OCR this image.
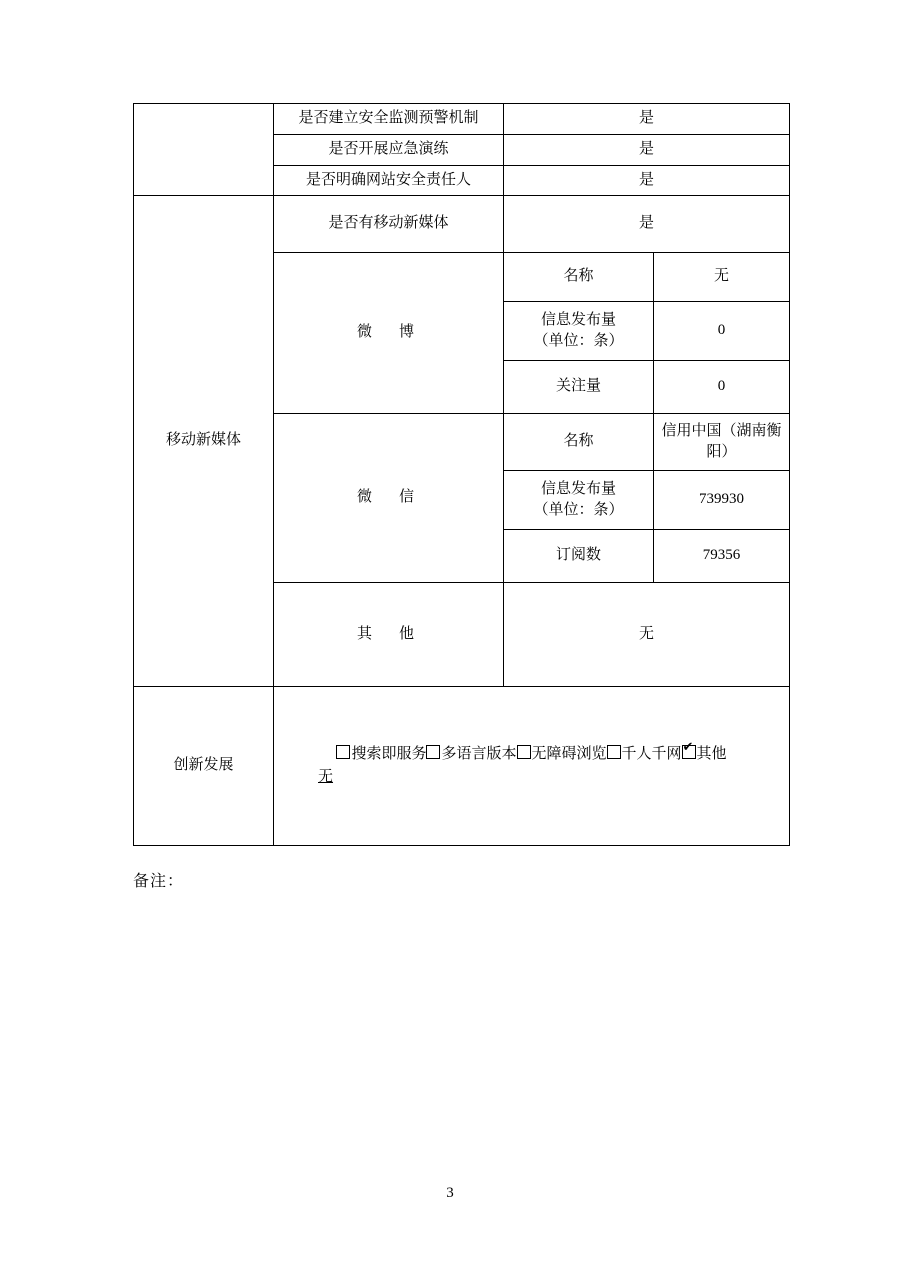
	是否建立安全监测预警机制	是	
	是否开展应急演练	是	
	是否明确网站安全责任人	是	
移动新媒体	是否有移动新媒体	是	
	微　博	名称	无

		信息发布量
（单位：条）	0
		关注量	0
	微　信	名称	信用中国（湖南衡阳）

		信息发布量
（单位：条）	739930
		订阅数	79356
	其　他	无	
创新发展	搜索即服务 多语言版本 无障碍浏览 千人千网 ✔ 其他
无
备注：
3
